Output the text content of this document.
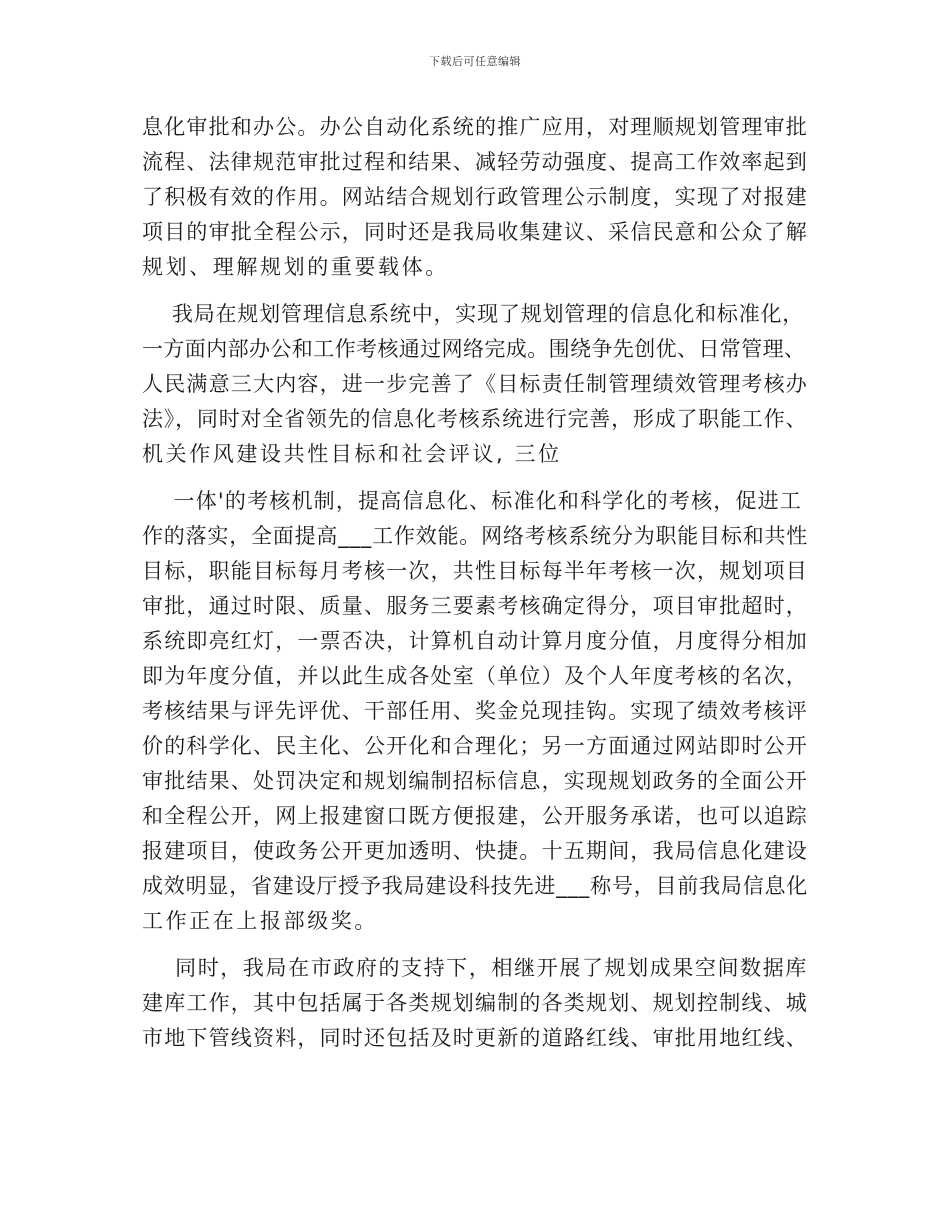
下载后可任意编辑
息化审批和办公。办公自动化系统的推广应用，对理顺规划管理审批
流程、法律规范审批过程和结果、减轻劳动强度、提高工作效率起到
了积极有效的作用。网站结合规划行政管理公示制度，实现了对报建
项目的审批全程公示，同时还是我局收集建议、采信民意和公众了解
规划、理解规划的重要载体。
我局在规划管理信息系统中，实现了规划管理的信息化和标准化，
一方面内部办公和工作考核通过网络完成。围绕争先创优、日常管理、
人民满意三大内容，进一步完善了《目标责任制管理绩效管理考核办
法》，同时对全省领先的信息化考核系统进行完善，形成了职能工作、
机关作风建设共性目标和社会评议, 三位
一体'的考核机制，提高信息化、标准化和科学化的考核，促进工
作的落实，全面提高___工作效能。网络考核系统分为职能目标和共性
目标，职能目标每月考核一次，共性目标每半年考核一次，规划项目
审批，通过时限、质量、服务三要素考核确定得分，项目审批超时，
系统即亮红灯，一票否决，计算机自动计算月度分值，月度得分相加
即为年度分值，并以此生成各处室（单位）及个人年度考核的名次，
考核结果与评先评优、干部任用、奖金兑现挂钩。实现了绩效考核评
价的科学化、民主化、公开化和合理化；另一方面通过网站即时公开
审批结果、处罚决定和规划编制招标信息，实现规划政务的全面公开
和全程公开，网上报建窗口既方便报建，公开服务承诺，也可以追踪
报建项目，使政务公开更加透明、快捷。十五期间，我局信息化建设
成效明显，省建设厅授予我局建设科技先进___称号，目前我局信息化
工作正在上报部级奖。
同时，我局在市政府的支持下，相继开展了规划成果空间数据库
建库工作，其中包括属于各类规划编制的各类规划、规划控制线、城
市地下管线资料，同时还包括及时更新的道路红线、审批用地红线、
